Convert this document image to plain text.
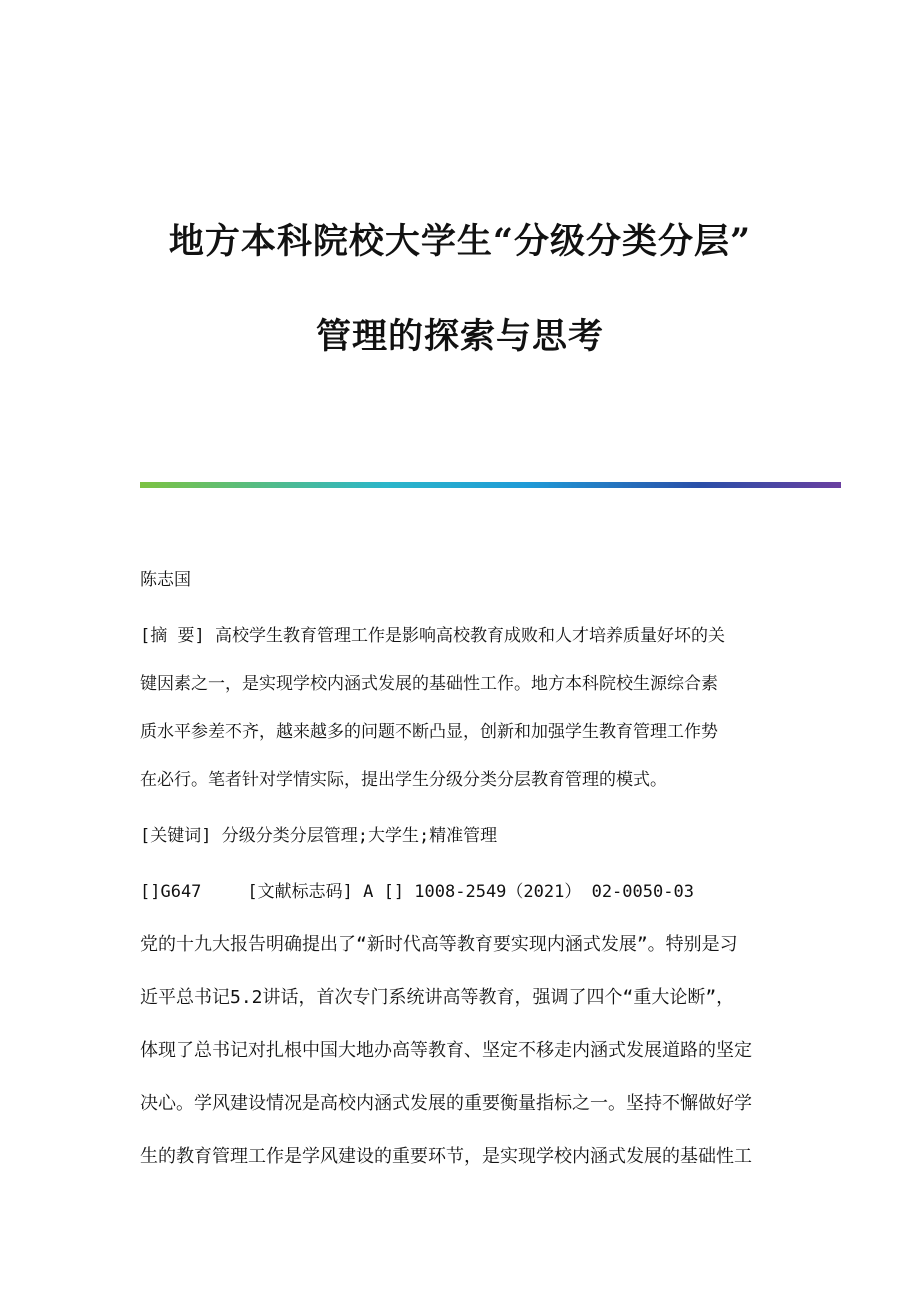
地方本科院校大学生“分级分类分层”
管理的探索与思考
陈志国
[摘 要] 高校学生教育管理工作是影响高校教育成败和人才培养质量好坏的关
键因素之一，是实现学校内涵式发展的基础性工作。地方本科院校生源综合素
质水平参差不齐，越来越多的问题不断凸显，创新和加强学生教育管理工作势
在必行。笔者针对学情实际，提出学生分级分类分层教育管理的模式。
[关键词] 分级分类分层管理;大学生;精准管理
[]G647	[文献标志码] A [] 1008-2549（2021） 02-0050-03
党的十九大报告明确提出了“新时代高等教育要实现内涵式发展”。特别是习
近平总书记5.2讲话，首次专门系统讲高等教育，强调了四个“重大论断”，
体现了总书记对扎根中国大地办高等教育、坚定不移走内涵式发展道路的坚定
决心。学风建设情况是高校内涵式发展的重要衡量指标之一。坚持不懈做好学
生的教育管理工作是学风建设的重要环节，是实现学校内涵式发展的基础性工
